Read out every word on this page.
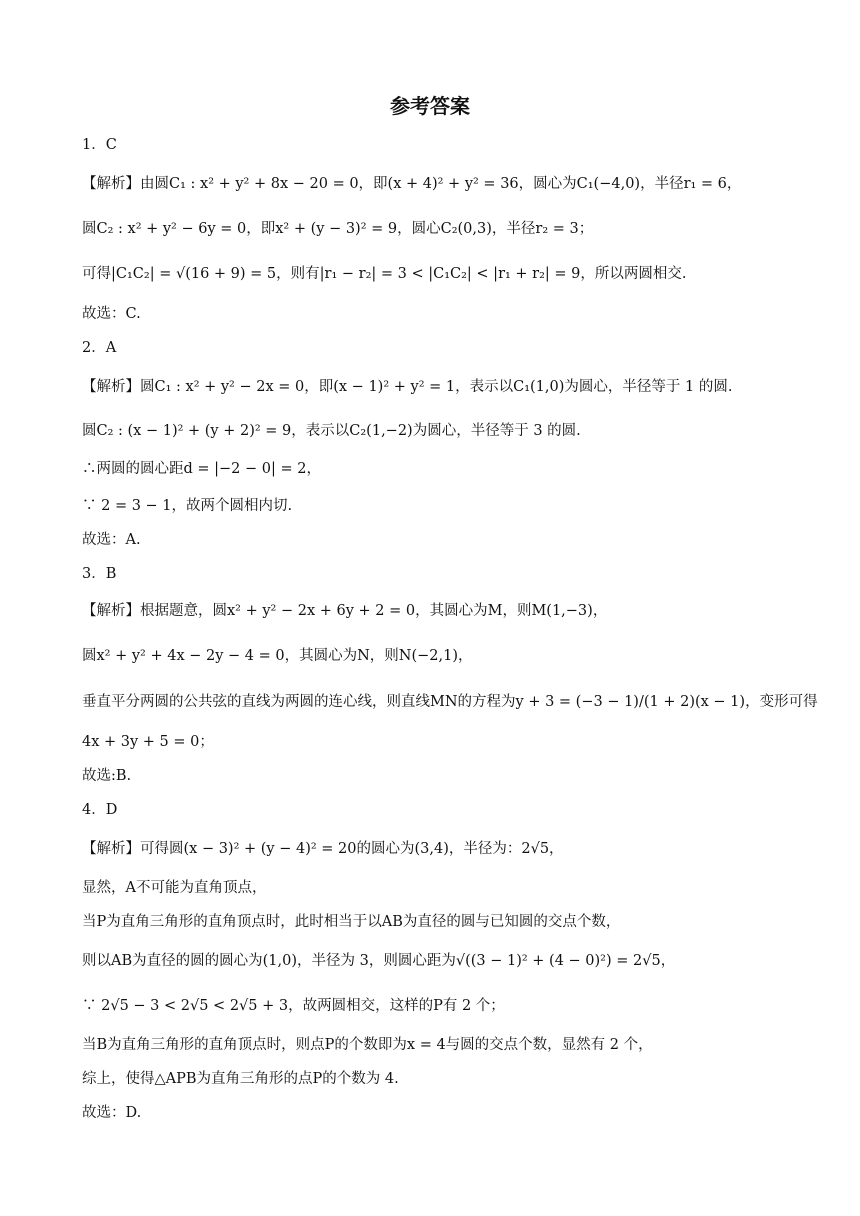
参考答案
1．C
【解析】由圆C₁ : x² + y² + 8x − 20 = 0，即(x + 4)² + y² = 36，圆心为C₁(−4,0)，半径r₁ = 6，
圆C₂ : x² + y² − 6y = 0，即x² + (y − 3)² = 9，圆心C₂(0,3)，半径r₂ = 3；
可得|C₁C₂| = √(16 + 9) = 5，则有|r₁ − r₂| = 3 < |C₁C₂| < |r₁ + r₂| = 9，所以两圆相交.
故选：C.
2．A
【解析】圆C₁ : x² + y² − 2x = 0，即(x − 1)² + y² = 1，表示以C₁(1,0)为圆心，半径等于 1 的圆.
圆C₂ : (x − 1)² + (y + 2)² = 9，表示以C₂(1,−2)为圆心，半径等于 3 的圆.
∴两圆的圆心距d = |−2 − 0| = 2，
∵ 2 = 3 − 1，故两个圆相内切.
故选：A.
3．B
【解析】根据题意，圆x² + y² − 2x + 6y + 2 = 0，其圆心为M，则M(1,−3)，
圆x² + y² + 4x − 2y − 4 = 0，其圆心为N，则N(−2,1)，
垂直平分两圆的公共弦的直线为两圆的连心线，则直线MN的方程为y + 3 = (−3 − 1)/(1 + 2)(x − 1)，变形可得
4x + 3y + 5 = 0；
故选:B.
4．D
【解析】可得圆(x − 3)² + (y − 4)² = 20的圆心为(3,4)，半径为：2√5，
显然，A不可能为直角顶点，
当P为直角三角形的直角顶点时，此时相当于以AB为直径的圆与已知圆的交点个数，
则以AB为直径的圆的圆心为(1,0)，半径为 3，则圆心距为√((3 − 1)² + (4 − 0)²) = 2√5，
∵ 2√5 − 3 < 2√5 < 2√5 + 3，故两圆相交，这样的P有 2 个；
当B为直角三角形的直角顶点时，则点P的个数即为x = 4与圆的交点个数，显然有 2 个，
综上，使得△APB为直角三角形的点P的个数为 4.
故选：D.
